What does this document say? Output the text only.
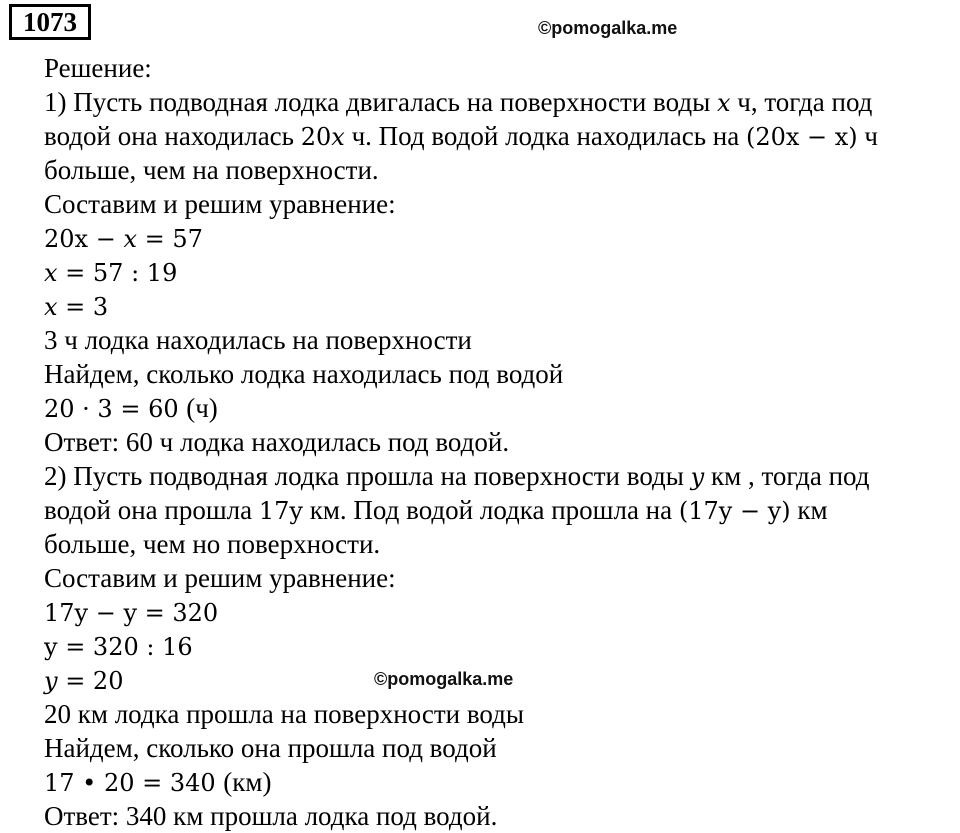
1073	©pomogalka.me
Решение:
1) Пусть подводная лодка двигалась на поверхности воды x ч, тогда под
водой она находилась 20x ч. Под водой лодка находилась на (20x − x) ч
больше, чем на поверхности.
Составим и решим уравнение:
20x − x = 57
x = 57 : 19
x = 3
3 ч лодка находилась на поверхности
Найдем, сколько лодка находилась под водой
20 · 3 = 60 (ч)
Ответ: 60 ч лодка находилась под водой.
2) Пусть подводная лодка прошла на поверхности воды y км , тогда под
водой она прошла 17y км. Под водой лодка прошла на (17y − y) км
больше, чем но поверхности.
Составим и решим уравнение:
17y − y = 320
y = 320 : 16
y = 20
20 км лодка прошла на поверхности воды
Найдем, сколько она прошла под водой
17 • 20 = 340 (км)
Ответ: 340 км прошла лодка под водой.
©pomogalka.me
